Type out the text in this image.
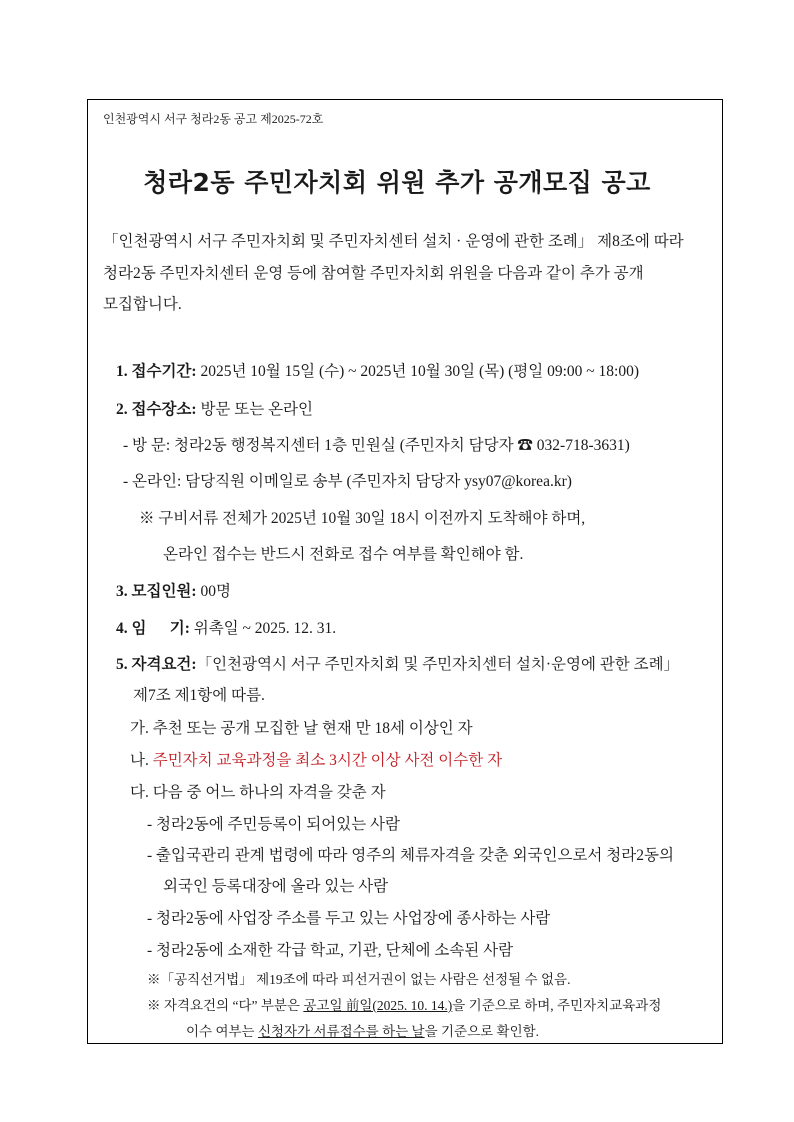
인천광역시 서구 청라2동 공고 제2025-72호
청라2동 주민자치회 위원 추가 공개모집 공고
「인천광역시 서구 주민자치회 및 주민자치센터 설치 · 운영에 관한 조례」 제8조에 따라
청라2동 주민자치센터 운영 등에 참여할 주민자치회 위원을 다음과 같이 추가 공개
모집합니다.
1. 접수기간: 2025년 10월 15일 (수) ~ 2025년 10월 30일 (목) (평일 09:00 ~ 18:00)
2. 접수장소: 방문 또는 온라인
- 방 문: 청라2동 행정복지센터 1층 민원실 (주민자치 담당자 ☎ 032-718-3631)
- 온라인: 담당직원 이메일로 송부 (주민자치 담당자 ysy07@korea.kr)
※ 구비서류 전체가 2025년 10월 30일 18시 이전까지 도착해야 하며,
온라인 접수는 반드시 전화로 접수 여부를 확인해야 함.
3. 모집인원: 00명
4. 임      기: 위촉일 ~ 2025. 12. 31.
5. 자격요건:「인천광역시 서구 주민자치회 및 주민자치센터 설치·운영에 관한 조례」
제7조 제1항에 따름.
가. 추천 또는 공개 모집한 날 현재 만 18세 이상인 자
나. 주민자치 교육과정을 최소 3시간 이상 사전 이수한 자
다. 다음 중 어느 하나의 자격을 갖춘 자
- 청라2동에 주민등록이 되어있는 사람
- 출입국관리 관계 법령에 따라 영주의 체류자격을 갖춘 외국인으로서 청라2동의
외국인 등록대장에 올라 있는 사람
- 청라2동에 사업장 주소를 두고 있는 사업장에 종사하는 사람
- 청라2동에 소재한 각급 학교, 기관, 단체에 소속된 사람
※「공직선거법」 제19조에 따라 피선거권이 없는 사람은 선정될 수 없음.
※ 자격요건의 “다” 부분은 공고일 前일(2025. 10. 14.)을 기준으로 하며, 주민자치교육과정
이수 여부는 신청자가 서류접수를 하는 날을 기준으로 확인함.
